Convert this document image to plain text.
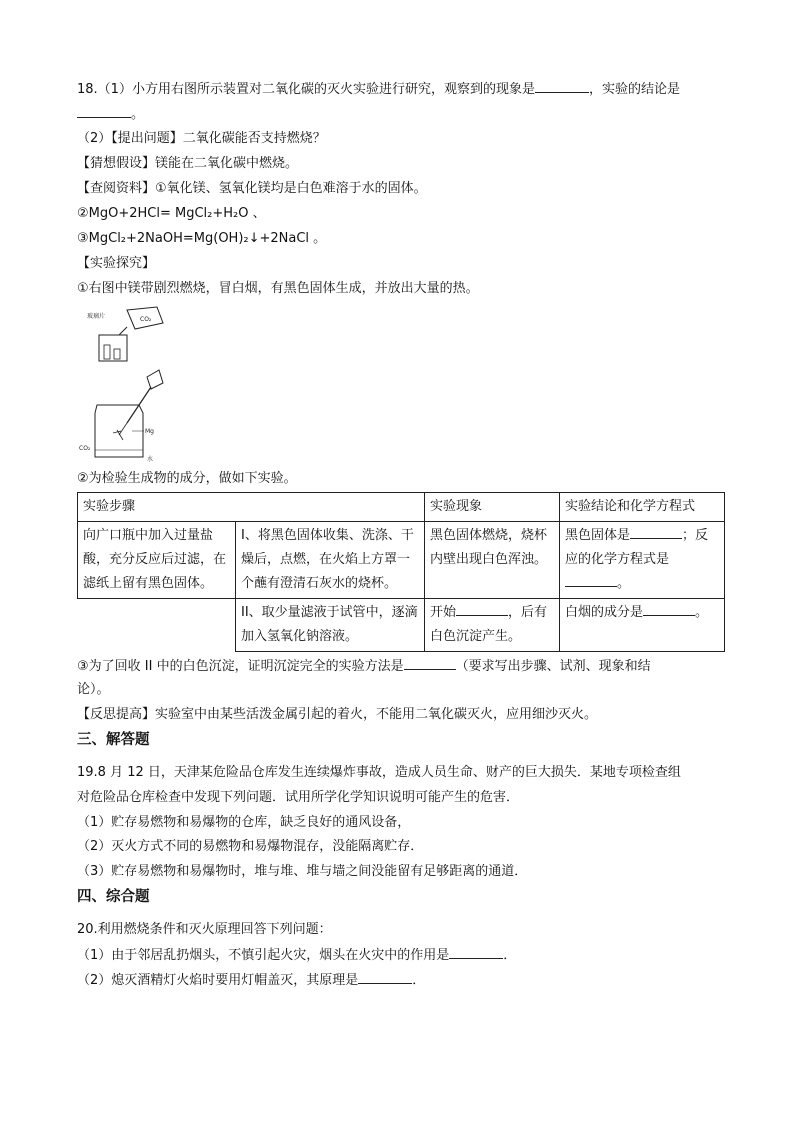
18.（1）小方用右图所示装置对二氧化碳的灭火实验进行研究，观察到的现象是	，实验的结论是
。
（2）【提出问题】二氧化碳能否支持燃烧？
【猜想假设】镁能在二氧化碳中燃烧。
【查阅资料】①氧化镁、氢氧化镁均是白色难溶于水的固体。
②MgO+2HCl= MgCl₂+H₂O 、
③MgCl₂+2NaOH=Mg(OH)₂↓+2NaCl 。
【实验探究】
①右图中镁带剧烈燃烧，冒白烟，有黑色固体生成，并放出大量的热。
玻璃片	CO₂
Mg
CO₂
水
②为检验生成物的成分，做如下实验。
实验步骤		实验现象	实验结论和化学方程式
向广口瓶中加入过量盐酸，充分反应后过滤，在滤纸上留有黑色固体。	I、将黑色固体收集、洗涤、干燥后，点燃，在火焰上方罩一个蘸有澄清石灰水的烧杯。	黑色固体燃烧，烧杯内壁出现白色浑浊。	黑色固体是 ；反应的化学方程式是。
	II、取少量滤液于试管中，逐滴加入氢氧化钠溶液。	开始 ，后有白色沉淀产生。	白烟的成分是 。
③为了回收 II 中的白色沉淀，证明沉淀完全的实验方法是	（要求写出步骤、试剂、现象和结
论）。
【反思提高】实验室中由某些活泼金属引起的着火，不能用二氧化碳灭火，应用细沙灭火。
三、解答题
19.8 月 12 日，天津某危险品仓库发生连续爆炸事故，造成人员生命、财产的巨大损失．某地专项检查组
对危险品仓库检查中发现下列问题．试用所学化学知识说明可能产生的危害．
（1）贮存易燃物和易爆物的仓库，缺乏良好的通风设备，
（2）灭火方式不同的易燃物和易爆物混存，没能隔离贮存．
（3）贮存易燃物和易爆物时，堆与堆、堆与墙之间没能留有足够距离的通道．
四、综合题
20.利用燃烧条件和灭火原理回答下列问题：
（1）由于邻居乱扔烟头，不慎引起火灾，烟头在火灾中的作用是	．
（2）熄灭酒精灯火焰时要用灯帽盖灭，其原理是	．
